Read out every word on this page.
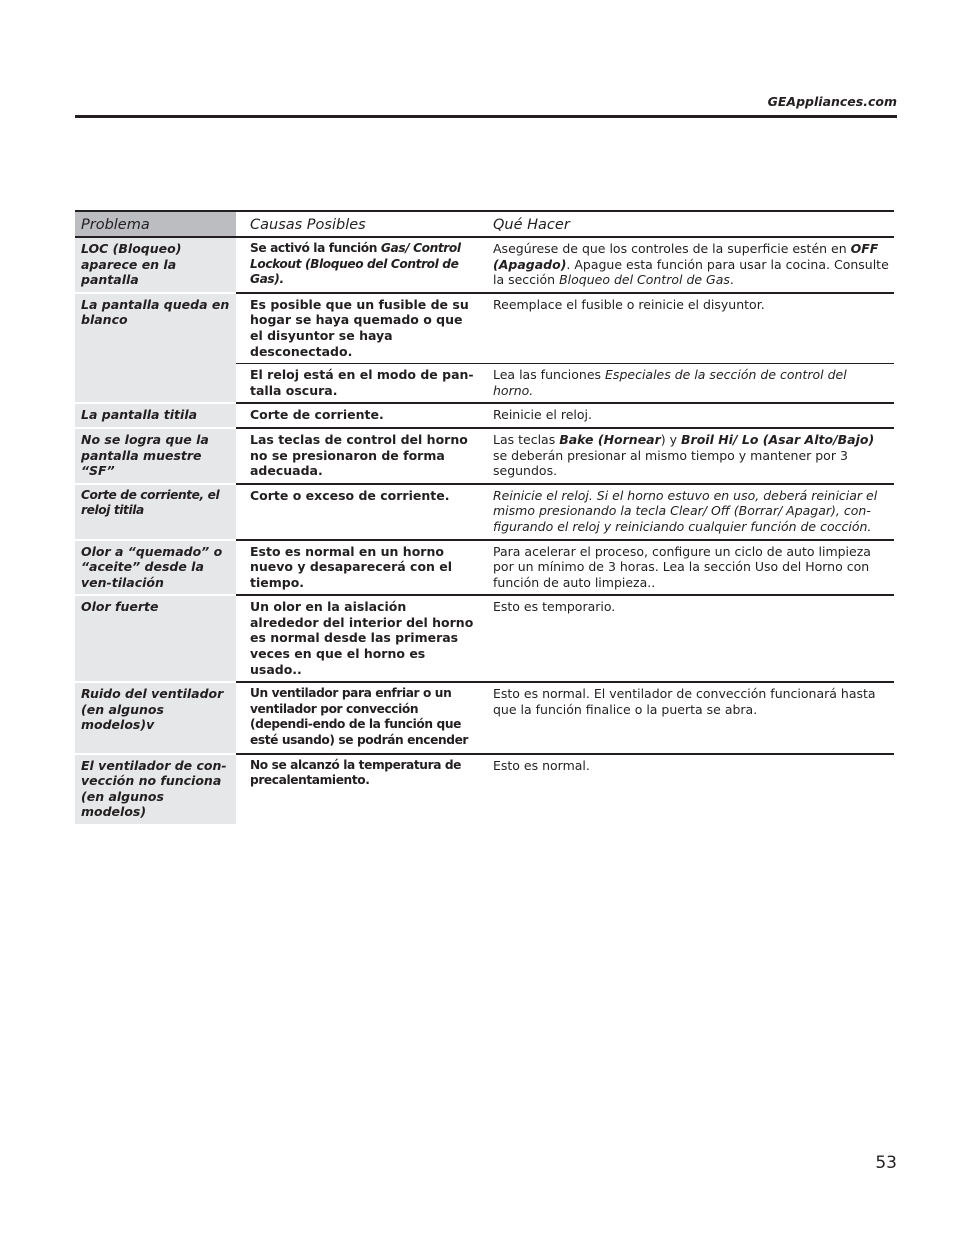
GEAppliances.com
Problema	Causas Posibles	Qué Hacer
LOC (Bloqueo) aparece en la pantalla	Se activó la función Gas/ Control Lockout (Bloqueo del Control de Gas).	Asegúrese de que los controles de la superficie estén en OFF (Apagado). Apague esta función para usar la cocina. Consulte la sección Bloqueo del Control de Gas.
La pantalla queda en blanco	Es posible que un fusible de su hogar se haya quemado o que el disyuntor se haya desconectado.	Reemplace el fusible o reinicie el disyuntor.
	El reloj está en el modo de pan-talla oscura.	Lea las funciones Especiales de la sección de control del horno.
La pantalla titila	Corte de corriente.	Reinicie el reloj.
No se logra que la pantalla muestre “SF”	Las teclas de control del horno no se presionaron de forma adecuada.	Las teclas Bake (Hornear) y Broil Hi/ Lo (Asar Alto/Bajo) se deberán presionar al mismo tiempo y mantener por 3 segundos.
Corte de corriente, el reloj titila	Corte o exceso de corriente.	Reinicie el reloj. Si el horno estuvo en uso, deberá reiniciar el mismo presionando la tecla Clear/ Off (Borrar/ Apagar), con-figurando el reloj y reiniciando cualquier función de cocción.
Olor a “quemado” o “aceite” desde la ven-tilación	Esto es normal en un horno nuevo y desaparecerá con el tiempo.	Para acelerar el proceso, configure un ciclo de auto limpieza por un mínimo de 3 horas. Lea la sección Uso del Horno con función de auto limpieza..
Olor fuerte	Un olor en la aislación alrededor del interior del horno es normal desde las primeras veces en que el horno es usado..	Esto es temporario.
Ruido del ventilador (en algunos modelos)v	Un ventilador para enfriar o un ventilador por convección (dependi-endo de la función que esté usando) se podrán encender	Esto es normal. El ventilador de convección funcionará hasta que la función finalice o la puerta se abra.
El ventilador de con-vección no funciona (en algunos modelos)	No se alcanzó la temperatura de precalentamiento.	Esto es normal.
53
